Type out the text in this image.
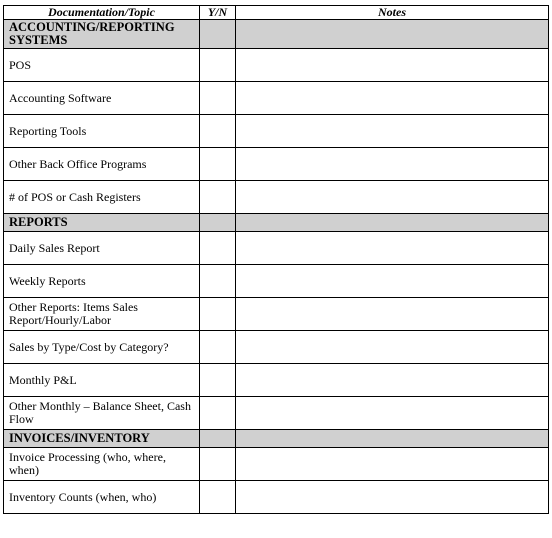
Documentation/Topic	Y/N	Notes
ACCOUNTING/REPORTING SYSTEMS		
POS		
Accounting Software		
Reporting Tools		
Other Back Office Programs		
# of POS or Cash Registers		
REPORTS		
Daily Sales Report		
Weekly Reports		
Other Reports: Items Sales Report/Hourly/Labor		
Sales by Type/Cost by Category?		
Monthly P&L		
Other Monthly – Balance Sheet, Cash Flow		
INVOICES/INVENTORY		
Invoice Processing (who, where, when)		
Inventory Counts (when, who)		
